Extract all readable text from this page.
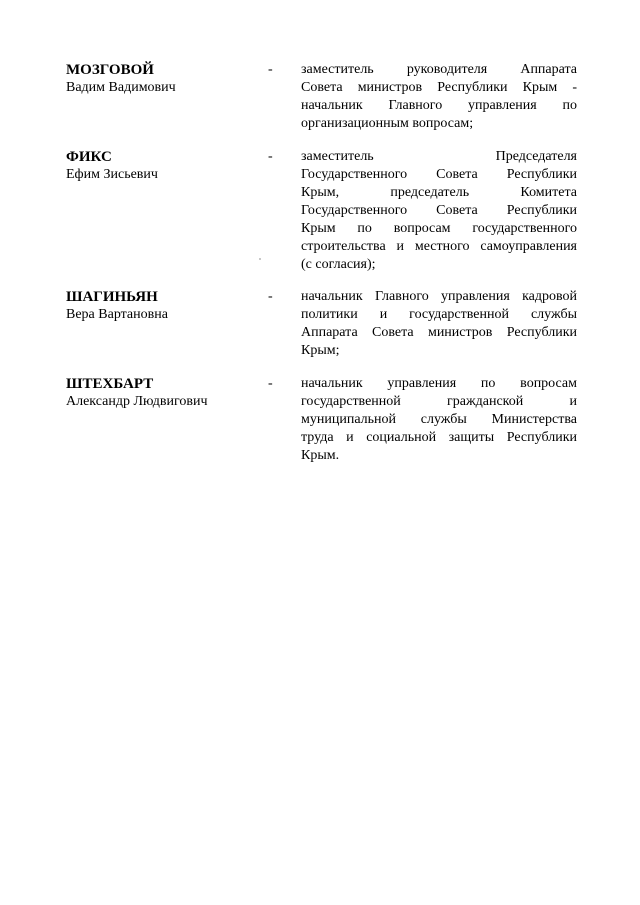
МОЗГОВОЙ
Вадим Вадимович
- заместитель руководителя Аппарата
Совета министров Республики Крым -
начальник Главного управления по
организационным вопросам;
ФИКС
Ефим Зисьевич
- заместитель Председателя
Государственного Совета Республики
Крым, председатель Комитета
Государственного Совета Республики
Крым по вопросам государственного
строительства и местного самоуправления
(с согласия);
ШАГИНЬЯН
Вера Вартановна
- начальник Главного управления кадровой
политики и государственной службы
Аппарата Совета министров Республики
Крым;
ШТЕХБАРТ
Александр Людвигович
- начальник управления по вопросам
государственной гражданской и
муниципальной службы Министерства
труда и социальной защиты Республики
Крым.
